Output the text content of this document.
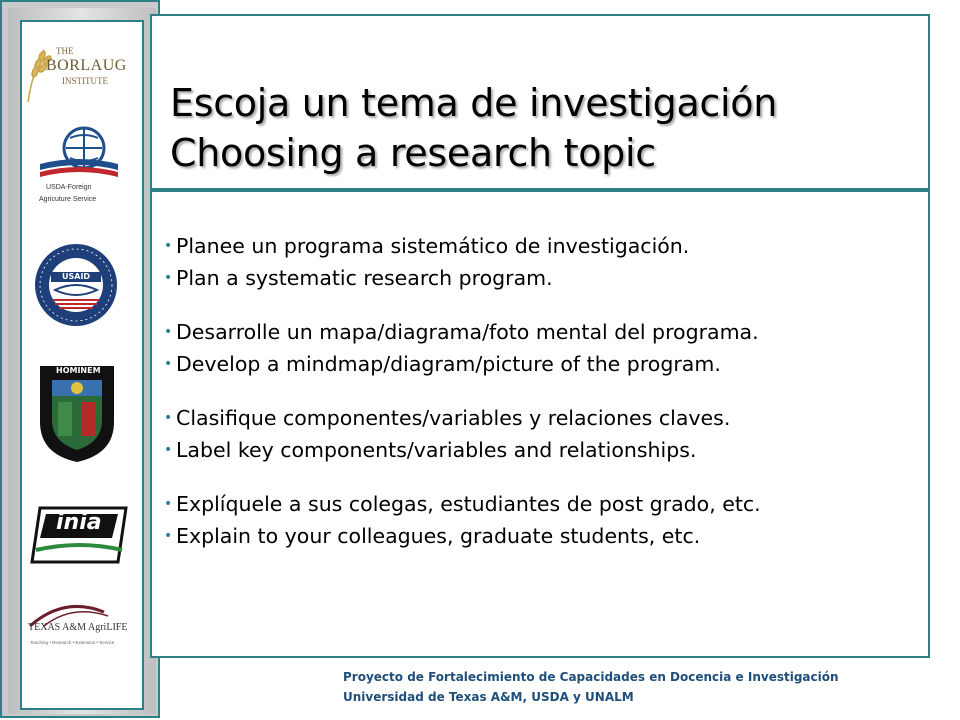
THE
BORLAUG
INSTITUTE
USDA-Foreign
Agricuture Service
USAID
HOMINEM
inia
TEXAS A&M AgriLIFE
Teaching • Research • Extension • Service
Escoja un tema de investigación
Choosing a research topic
• Planee un programa sistemático de investigación.
• Plan a systematic research program.
• Desarrolle un mapa/diagrama/foto mental del programa.
• Develop a mindmap/diagram/picture of the program.
• Clasifique componentes/variables y relaciones claves.
• Label key components/variables and relationships.
• Explíquele a sus colegas, estudiantes de post grado, etc.
• Explain to your colleagues, graduate students, etc.
Proyecto de Fortalecimiento de Capacidades en Docencia e Investigación
Universidad de Texas A&M, USDA y UNALM
